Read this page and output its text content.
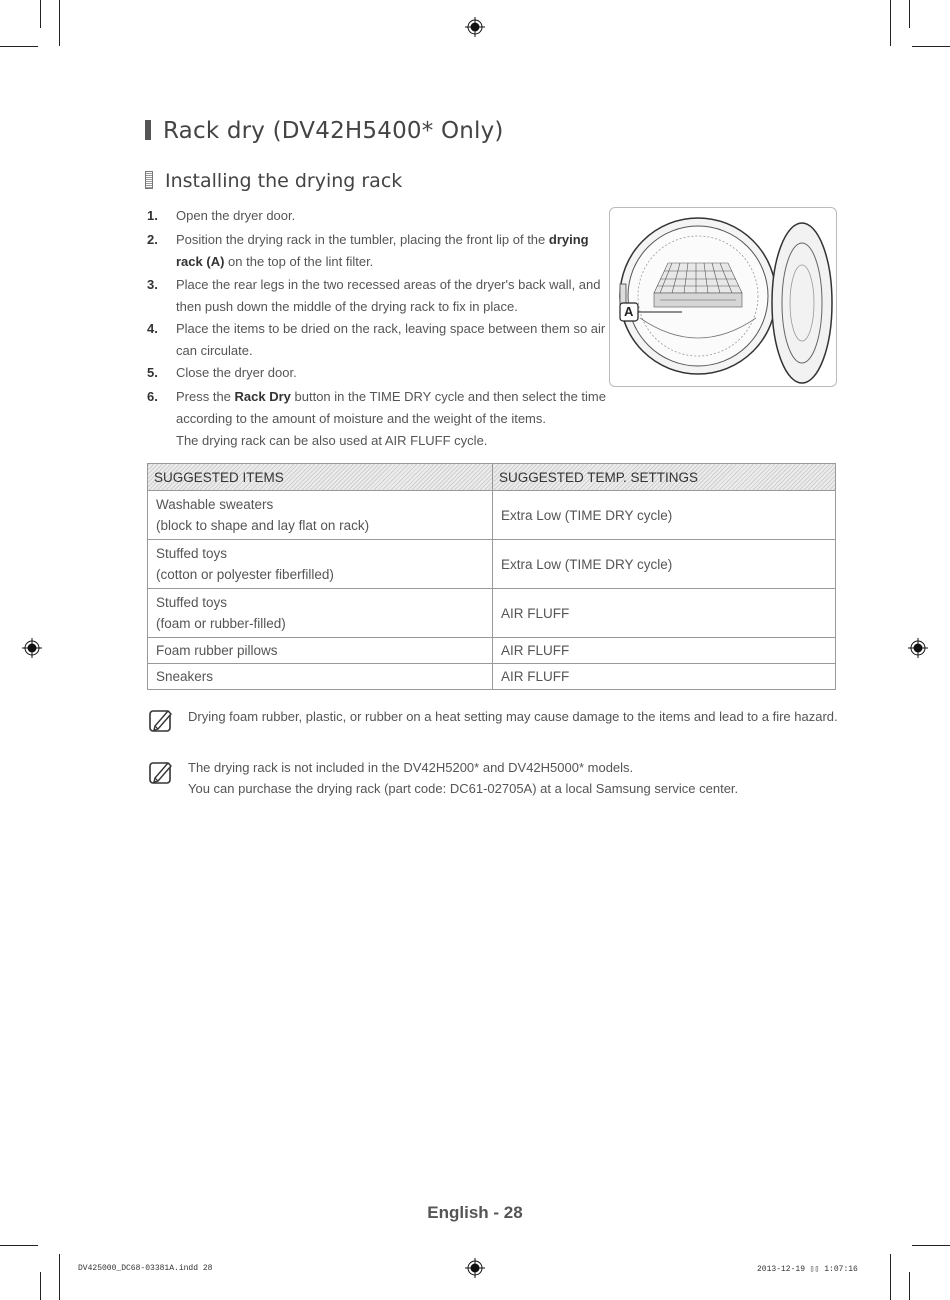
Rack dry (DV42H5400* Only)
Installing the drying rack
1.	Open the dryer door.
2.	Position the drying rack in the tumbler, placing the front lip of the drying rack (A) on the top of the lint filter.
3.	Place the rear legs in the two recessed areas of the dryer's back wall, and then push down the middle of the drying rack to fix in place.
4.	Place the items to be dried on the rack, leaving space between them so air can circulate.
5.	Close the dryer door.
6.	Press the Rack Dry button in the TIME DRY cycle and then select the time according to the amount of moisture and the weight of the items.
The drying rack can be also used at AIR FLUFF cycle.
A
SUGGESTED ITEMS	SUGGESTED TEMP. SETTINGS
Washable sweaters
(block to shape and lay flat on rack)	Extra Low (TIME DRY cycle)
Stuffed toys
(cotton or polyester fiberfilled)	Extra Low (TIME DRY cycle)
Stuffed toys
(foam or rubber-filled)	AIR FLUFF
Foam rubber pillows	AIR FLUFF
Sneakers	AIR FLUFF
Drying foam rubber, plastic, or rubber on a heat setting may cause damage to the items and lead to a fire hazard.
The drying rack is not included in the DV42H5200* and DV42H5000* models.
You can purchase the drying rack (part code: DC61-02705A) at a local Samsung service center.
English - 28
DV425000_DC68-03381A.indd 28	2013-12-19 ▯▯ 1:07:16
